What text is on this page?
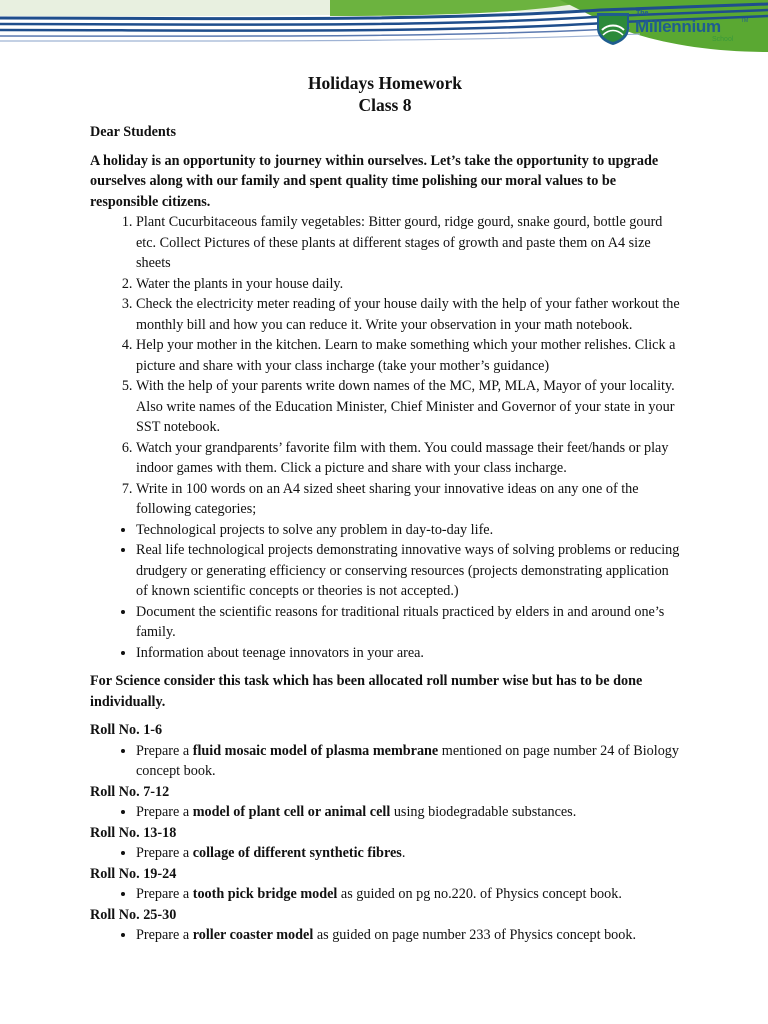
The
Millennium	TM
School

Holidays Homework

Class 8

Dear Students

A holiday is an opportunity to journey within ourselves. Let’s take the opportunity to upgrade ourselves along with our family and spent quality time polishing our moral values to be responsible citizens.

1. Plant Cucurbitaceous family vegetables: Bitter gourd, ridge gourd, snake gourd, bottle gourd etc. Collect Pictures of these plants at different stages of growth and paste them on A4 size sheets
2. Water the plants in your house daily.
3. Check the electricity meter reading of your house daily with the help of your father workout the monthly bill and how you can reduce it. Write your observation in your math notebook.
4. Help your mother in the kitchen. Learn to make something which your mother relishes. Click a picture and share with your class incharge (take your mother’s guidance)
5. With the help of your parents write down names of the MC, MP, MLA, Mayor of your locality. Also write names of the Education Minister, Chief Minister and Governor of your state in your SST notebook.
6. Watch your grandparents’ favorite film with them. You could massage their feet/hands or play indoor games with them. Click a picture and share with your class incharge.
7. Write in 100 words on an A4 sized sheet sharing your innovative ideas on any one of the following categories;
• Technological projects to solve any problem in day-to-day life.
• Real life technological projects demonstrating innovative ways of solving problems or reducing drudgery or generating efficiency or conserving resources (projects demonstrating application of known scientific concepts or theories is not accepted.)
• Document the scientific reasons for traditional rituals practiced by elders in and around one’s family.
• Information about teenage innovators in your area.

For Science consider this task which has been allocated roll number wise but has to be done individually.

Roll No. 1-6

• Prepare a fluid mosaic model of plasma membrane mentioned on page number 24 of Biology concept book.

Roll No. 7-12

• Prepare a model of plant cell or animal cell using biodegradable substances.

Roll No. 13-18

• Prepare a collage of different synthetic fibres.

Roll No. 19-24

• Prepare a tooth pick bridge model as guided on pg no.220. of Physics concept book.

Roll No. 25-30

• Prepare a roller coaster model as guided on page number 233 of Physics concept book.
